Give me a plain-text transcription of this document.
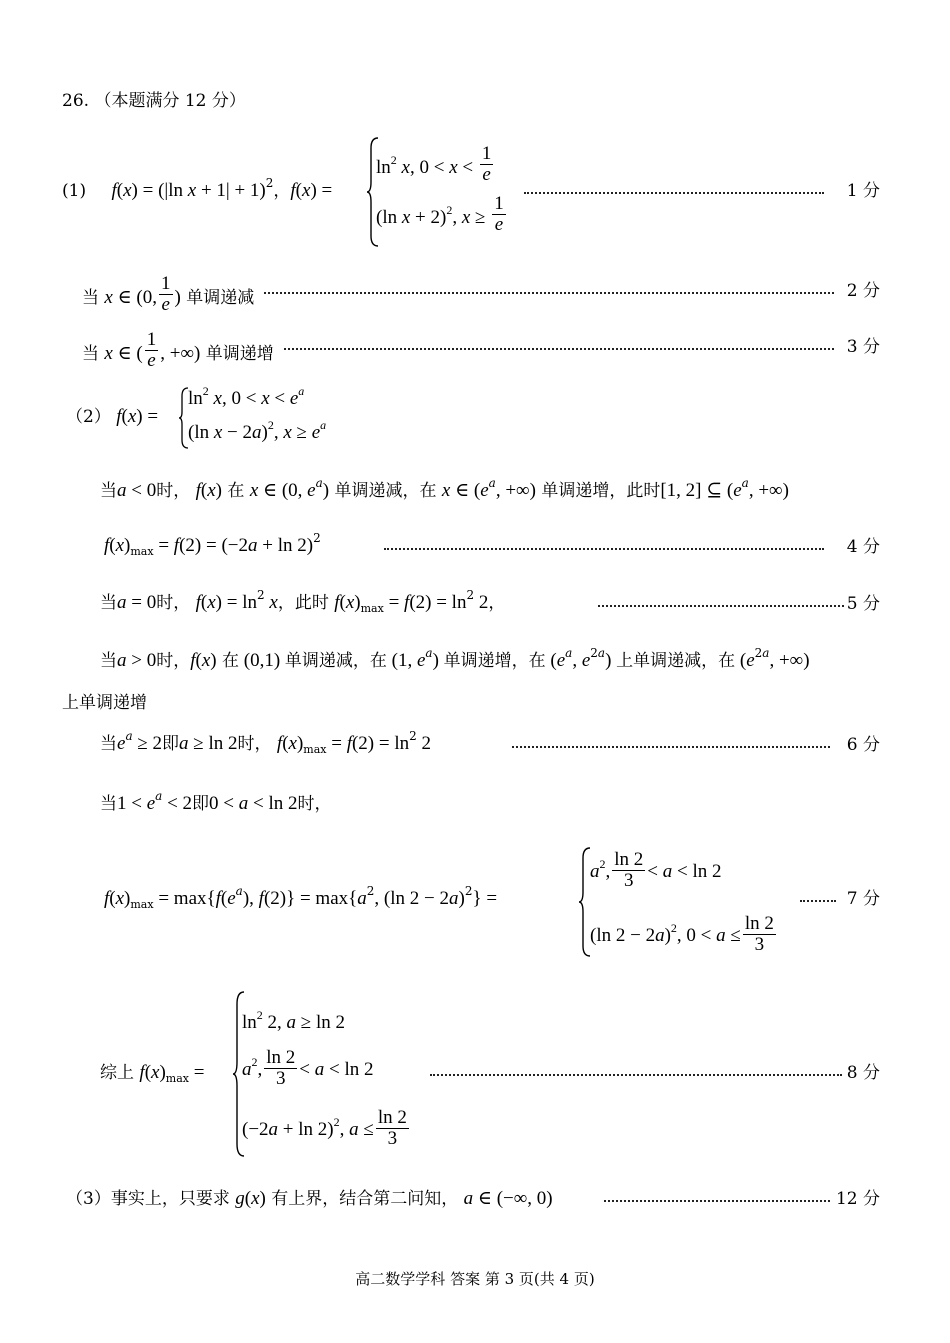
26. （本题满分 12 分）
(1) f(x) = (|ln x + 1| + 1)$^2$，f(x) =
$\ln^2 x$, $0 < x < \frac{1}{e}$
(ln x + 2)$^2$, $x \ge \frac{1}{e}$
1 分
当 x ∈ (0, $\frac{1}{e}$ ) 单调递减	2 分
当 x ∈ ( $\frac{1}{e}$ , +∞) 单调递增	3 分
（2） f(x) =
$\ln^2 x$, $0 < x < e^a$
(ln x − 2a)$^2$, $x \ge e^a$
当a < 0时， f(x) 在 x ∈ (0, $e^a$) 单调递减，在 x ∈ ($e^a$, +∞) 单调递增，此时[1, 2] ⊆ ($e^a$, +∞)
$f(x)_{max} = f(2) = (-2a + \ln 2)^2$	4 分
当a = 0时， $f(x) = \ln^2 x$，此时 $f(x)_{max} = f(2) = \ln^2 2$，	5 分
当a > 0时，f(x) 在 (0,1) 单调递减，在 (1, $e^a$) 单调递增，在 ($e^a$, $e^{2a}$) 上单调递减，在 ($e^{2a}$, +∞)
上单调递增
当$e^a \ge 2$即a ≥ ln 2时， $f(x)_{max} = f(2) = \ln^2 2$	6 分
当$1 < e^a < 2$即0 < a < ln 2时，
$f(x)_{max} = \max\{f(e^a)$, $f(2)\} = \max\{a^2$, (ln 2 − 2a)$^2$} =
$a^2$, $\frac{\ln 2}{3} < a < \ln 2$
(ln 2 − 2a)$^2$, $0 < a \le \frac{\ln 2}{3}$
7 分
综上 $f(x)_{max}$ =
$\ln^2 2$, a ≥ ln 2
$a^2$, $\frac{\ln 2}{3} < a < \ln 2$
$(-2a + \ln 2)^2$, $a \le \frac{\ln 2}{3}$
8 分
（3）事实上，只要求 g(x) 有上界，结合第二问知， a ∈ (−∞, 0)	12 分
高二数学学科 答案 第 3 页(共 4 页)
